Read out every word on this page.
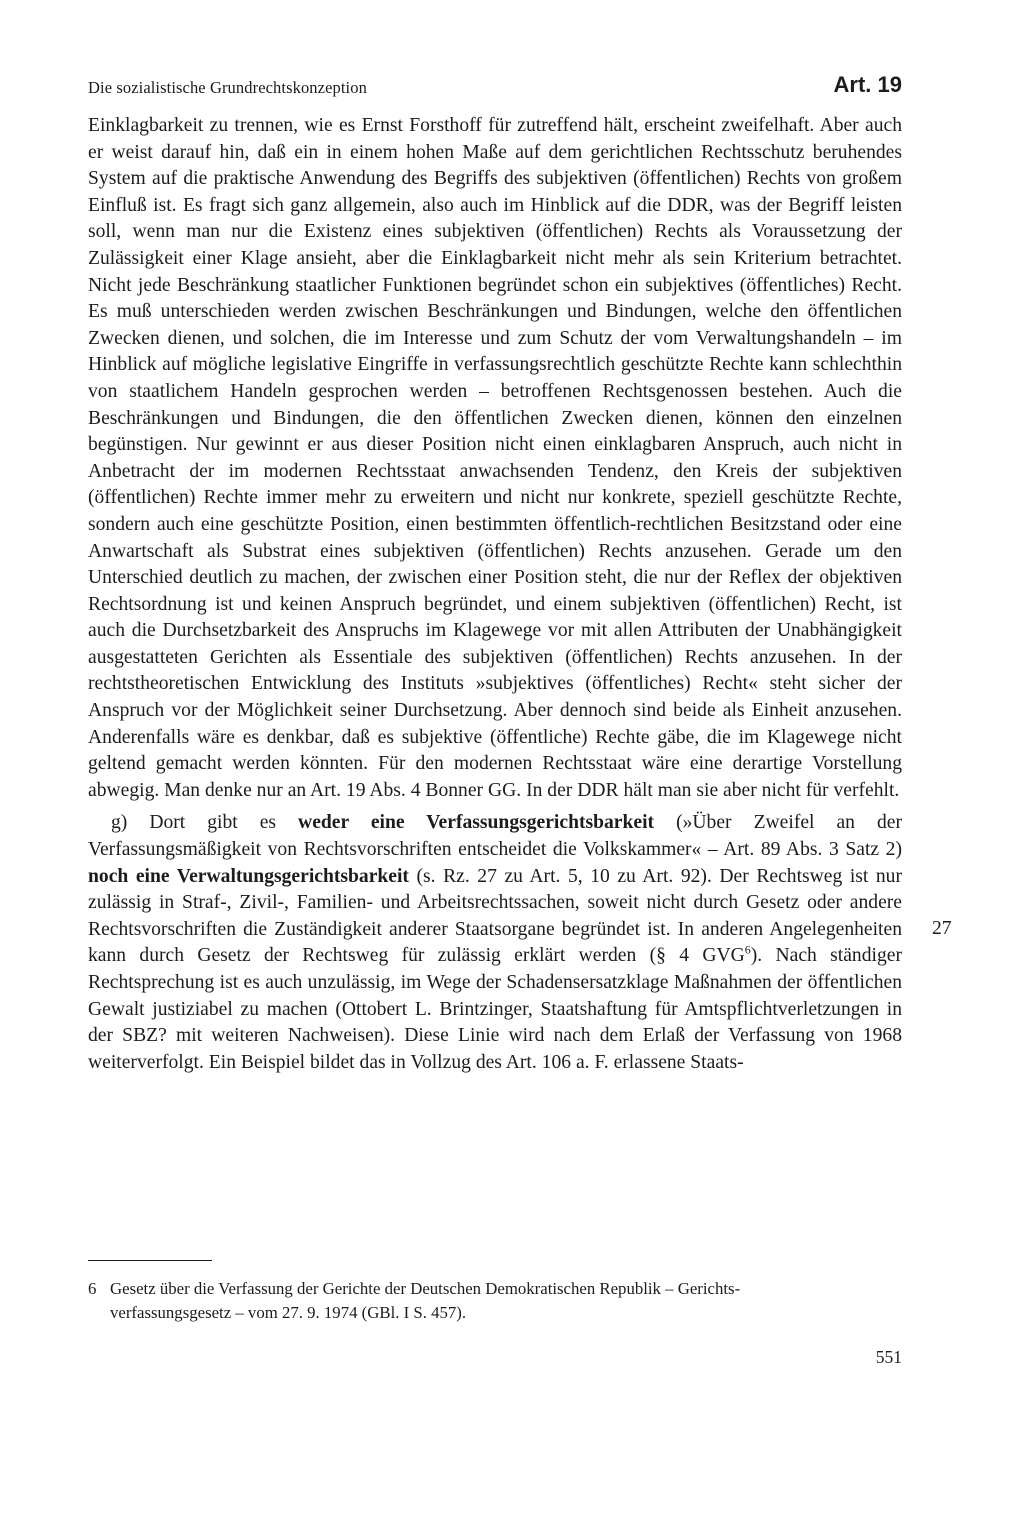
Die sozialistische Grundrechtskonzeption	Art. 19

Einklagbarkeit zu trennen, wie es Ernst Forsthoff für zutreffend hält, erscheint zweifelhaft. Aber auch er weist darauf hin, daß ein in einem hohen Maße auf dem gerichtlichen Rechtsschutz beruhendes System auf die praktische Anwendung des Begriffs des subjektiven (öffentlichen) Rechts von großem Einfluß ist. Es fragt sich ganz allgemein, also auch im Hinblick auf die DDR, was der Begriff leisten soll, wenn man nur die Existenz eines subjektiven (öffentlichen) Rechts als Voraussetzung der Zulässigkeit einer Klage ansieht, aber die Einklagbarkeit nicht mehr als sein Kriterium betrachtet. Nicht jede Beschränkung staatlicher Funktionen begründet schon ein subjektives (öffentliches) Recht. Es muß unterschieden werden zwischen Beschränkungen und Bindungen, welche den öffentlichen Zwecken dienen, und solchen, die im Interesse und zum Schutz der vom Verwaltungshandeln – im Hinblick auf mögliche legislative Eingriffe in verfassungsrechtlich geschützte Rechte kann schlechthin von staatlichem Handeln gesprochen werden – betroffenen Rechtsgenossen bestehen. Auch die Beschränkungen und Bindungen, die den öffentlichen Zwecken dienen, können den einzelnen begünstigen. Nur gewinnt er aus dieser Position nicht einen einklagbaren Anspruch, auch nicht in Anbetracht der im modernen Rechtsstaat anwachsenden Tendenz, den Kreis der subjektiven (öffentlichen) Rechte immer mehr zu erweitern und nicht nur konkrete, speziell geschützte Rechte, sondern auch eine geschützte Position, einen bestimmten öffentlich-rechtlichen Besitzstand oder eine Anwartschaft als Substrat eines subjektiven (öffentlichen) Rechts anzusehen. Gerade um den Unterschied deutlich zu machen, der zwischen einer Position steht, die nur der Reflex der objektiven Rechtsordnung ist und keinen Anspruch begründet, und einem subjektiven (öffentlichen) Recht, ist auch die Durchsetzbarkeit des Anspruchs im Klagewege vor mit allen Attributen der Unabhängigkeit ausgestatteten Gerichten als Essentiale des subjektiven (öffentlichen) Rechts anzusehen. In der rechtstheoretischen Entwicklung des Instituts »subjektives (öffentliches) Recht« steht sicher der Anspruch vor der Möglichkeit seiner Durchsetzung. Aber dennoch sind beide als Einheit anzusehen. Anderenfalls wäre es denkbar, daß es subjektive (öffentliche) Rechte gäbe, die im Klagewege nicht geltend gemacht werden könnten. Für den modernen Rechtsstaat wäre eine derartige Vorstellung abwegig. Man denke nur an Art. 19 Abs. 4 Bonner GG. In der DDR hält man sie aber nicht für verfehlt.

g) Dort gibt es weder eine Verfassungsgerichtsbarkeit (»Über Zweifel an der Verfassungsmäßigkeit von Rechtsvorschriften entscheidet die Volkskammer« – Art. 89 Abs. 3 Satz 2) noch eine Verwaltungsgerichtsbarkeit (s. Rz. 27 zu Art. 5, 10 zu Art. 92). Der Rechtsweg ist nur zulässig in Straf-, Zivil-, Familien- und Arbeitsrechtssachen, soweit nicht durch Gesetz oder andere Rechtsvorschriften die Zuständigkeit anderer Staatsorgane begründet ist. In anderen Angelegenheiten kann durch Gesetz der Rechtsweg für zulässig erklärt werden (§ 4 GVG$^6$). Nach ständiger Rechtsprechung ist es auch unzulässig, im Wege der Schadensersatzklage Maßnahmen der öffentlichen Gewalt justiziabel zu machen (Ottobert L. Brintzinger, Staatshaftung für Amtspflichtverletzungen in der SBZ? mit weiteren Nachweisen). Diese Linie wird nach dem Erlaß der Verfassung von 1968 weiterverfolgt. Ein Beispiel bildet das in Vollzug des Art. 106 a. F. erlassene Staats-

27
6 Gesetz über die Verfassung der Gerichte der Deutschen Demokratischen Republik – Gerichts-
verfassungsgesetz – vom 27. 9. 1974 (GBl. I S. 457).
551
